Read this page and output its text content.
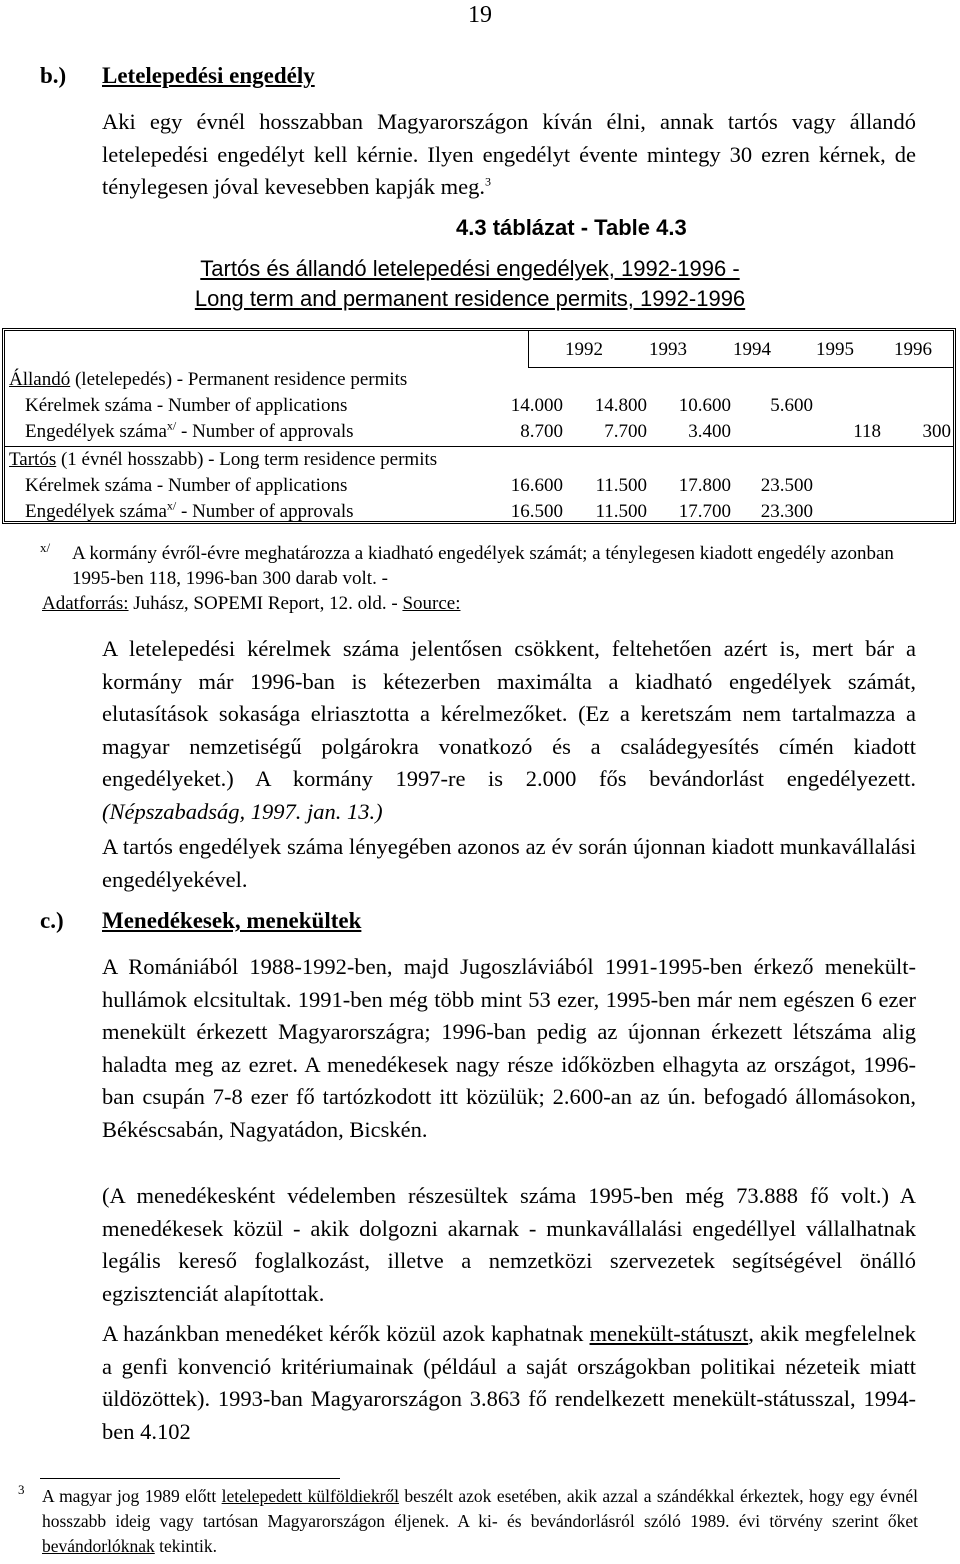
19
b.) Letelepedési engedély

Aki egy évnél hosszabban Magyarországon kíván élni, annak tartós vagy állandó letelepedési engedélyt kell kérnie. Ilyen engedélyt évente mintegy 30 ezren kérnek, de ténylegesen jóval kevesebben kapják meg.$^3$

4.3 táblázat - Table 4.3
Tartós és állandó letelepedési engedélyek, 1992-1996 -
Long term and permanent residence permits, 1992-1996
1992	1993	1994	1995	1996
Állandó (letelepedés) - Permanent residence permits
Kérelmek száma - Number of applications	14.000	14.800	10.600	5.600
Engedélyek száma$^{x/}$ - Number of approvals	8.700	7.700	3.400	118	300
Tartós (1 évnél hosszabb) - Long term residence permits
Kérelmek száma - Number of applications	16.600	11.500	17.800	23.500
Engedélyek száma$^{x/}$ - Number of approvals	16.500	11.500	17.700	23.300
x/ A kormány évről-évre meghatározza a kiadható engedélyek számát; a ténylegesen kiadott engedély azonban 1995-ben 118, 1996-ban 300 darab volt. -

Adatforrás: Juhász, SOPEMI Report, 12. old. - Source:

A letelepedési kérelmek száma jelentősen csökkent, feltehetően azért is, mert bár a kormány már 1996-ban is kétezerben maximálta a kiadható engedélyek számát, elutasítások sokasága elriasztotta a kérelmezőket. (Ez a keretszám nem tartalmazza a magyar nemzetiségű polgárokra vonatkozó és a családegyesítés címén kiadott engedélyeket.) A kormány 1997-re is 2.000 fős bevándorlást engedélyezett. (Népszabadság, 1997. jan. 13.)

A tartós engedélyek száma lényegében azonos az év során újonnan kiadott munkavállalási engedélyekével.

c.) Menedékesek, menekültek

A Romániából 1988-1992-ben, majd Jugoszláviából 1991-1995-ben érkező menekült-hullámok elcsitultak. 1991-ben még több mint 53 ezer, 1995-ben már nem egészen 6 ezer menekült érkezett Magyarországra; 1996-ban pedig az újonnan érkezett létszáma alig haladta meg az ezret. A menedékesek nagy része időközben elhagyta az országot, 1996-ban csupán 7-8 ezer fő tartózkodott itt közülük; 2.600-an az ún. befogadó állomásokon, Békéscsabán, Nagyatádon, Bicskén.

(A menedékesként védelemben részesültek száma 1995-ben még 73.888 fő volt.) A menedékesek közül - akik dolgozni akarnak - munkavállalási engedéllyel vállalhatnak legális kereső foglalkozást, illetve a nemzetközi szervezetek segítségével önálló egzisztenciát alapítottak.

A hazánkban menedéket kérők közül azok kaphatnak menekült-státuszt, akik megfelelnek a genfi konvenció kritériumainak (például a saját országokban politikai nézeteik miatt üldözöttek). 1993-ban Magyarországon 3.863 fő rendelkezett menekült-státusszal, 1994-ben 4.102

3 A magyar jog 1989 előtt letelepedett külföldiekről beszélt azok esetében, akik azzal a szándékkal érkeztek, hogy egy évnél hosszabb ideig vagy tartósan Magyarországon éljenek. A ki- és bevándorlásról szóló 1989. évi törvény szerint őket bevándorlóknak tekintik.
